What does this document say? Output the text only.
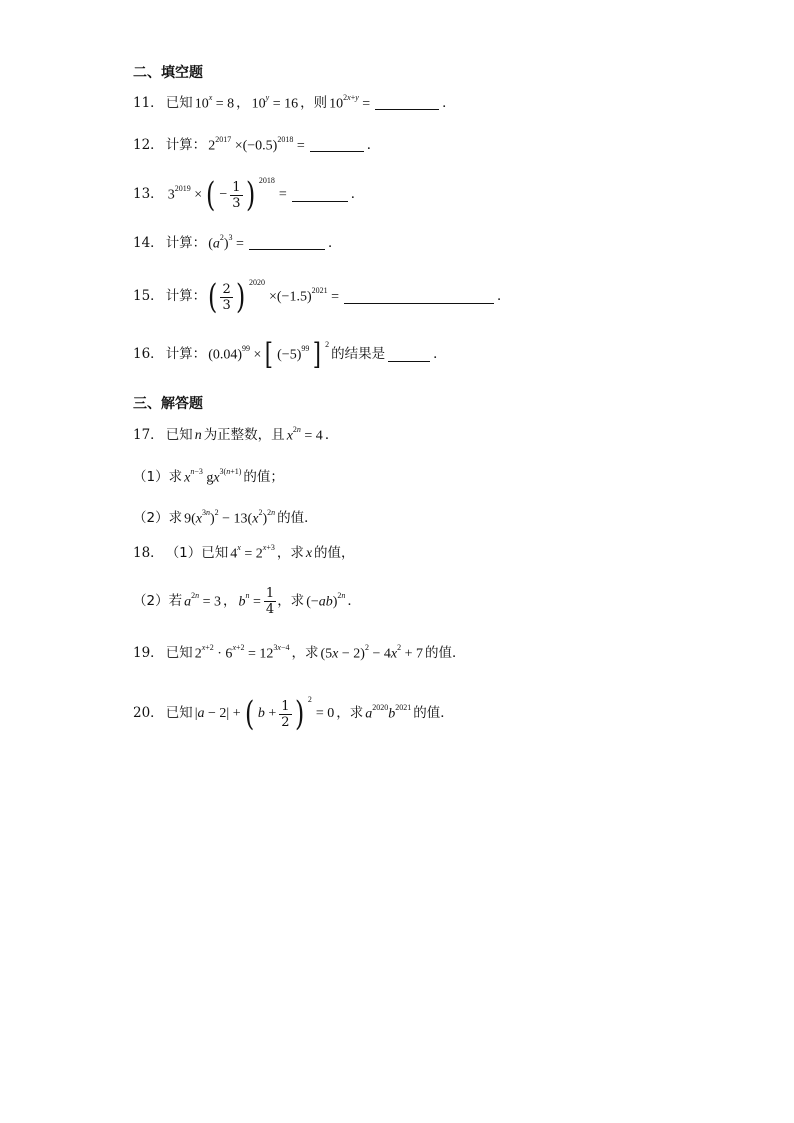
二、填空题
11． 已知 $10^x = 8$ ， $10^y = 16$ ，则 $10^{2x+y}$ =	．
12． 计算： $2^{2017} \times(-0.5)^{2018}$ =	．
13． $3^{2019}$ × ( − $\frac{1}{3}$ ) 2018
=	．
14． 计算： $(a^2)^3$ =	．
15． 计算： ( $\frac{2}{3}$ ) 2020
$\times(-1.5)^{2021}$ =	．
16． 计算： $(0.04)^{99}$ × [ $(-5)^{99}$ ] 2
的结果是	．
三、解答题
17． 已知 n 为正整数，且 $x^{2n} = 4$ ．
（1）求 $x^{n-3}$ $gx^{3(n+1)}$ 的值；
（2）求 $9(x^{3n})^2 - 13(x^2)^{2n}$ 的值．
18． （1）已知 $4^x = 2^{x+3}$ ，求 x 的值，
（2）若 $a^{2n} = 3$ ， $b^n = \frac{1}{4}$ ，求 $(-ab)^{2n}$ ．
19． 已知 $2^{x+2} \cdot 6^{x+2} = 12^{3x-4}$ ，求 $(5x - 2)^2 - 4x^2 + 7$ 的值．
20． 已知 |a − 2| + ( $b + \frac{1}{2}$ ) 2
= 0 ，求 $a^{2020}b^{2021}$ 的值．
